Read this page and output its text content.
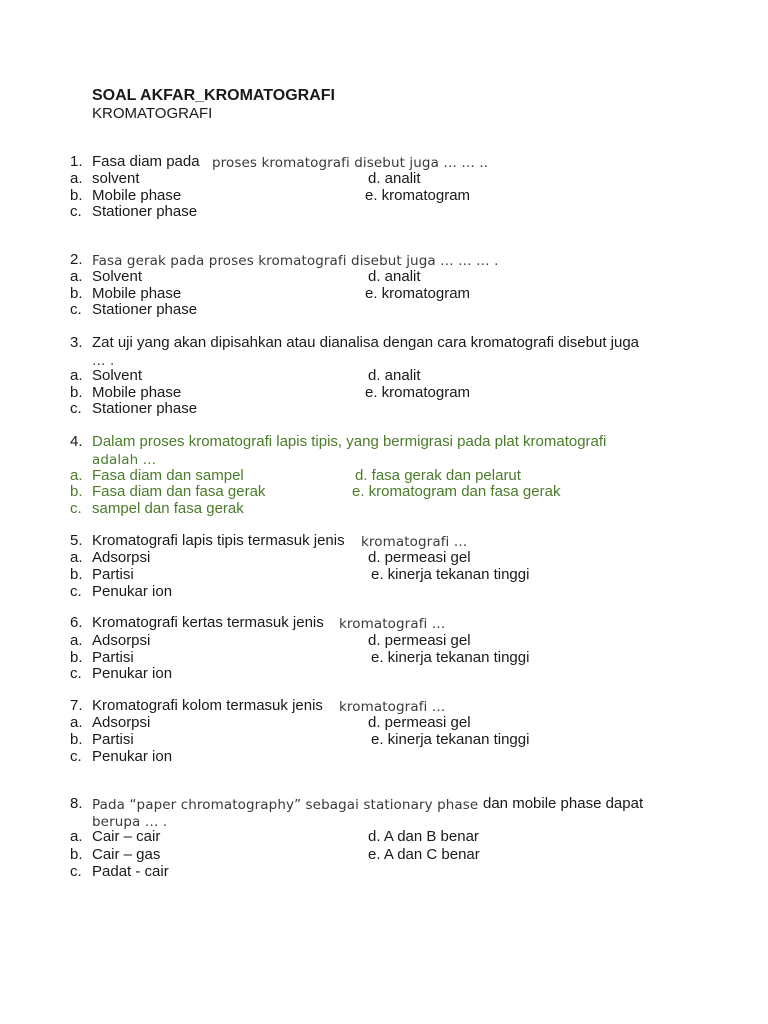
SOAL AKFAR_KROMATOGRAFI
KROMATOGRAFI
1. Fasa diam pada proses kromatografi disebut juga … … ..
a. solvent	d. analit
b. Mobile phase	e. kromatogram
c. Stationer phase
2. Fasa gerak pada proses kromatografi disebut juga … … … .
a. Solvent	d. analit
b. Mobile phase	e. kromatogram
c. Stationer phase
3. Zat uji yang akan dipisahkan atau dianalisa dengan cara kromatografi disebut juga
… .
a. Solvent	d. analit
b. Mobile phase	e. kromatogram
c. Stationer phase
4. Dalam proses kromatografi lapis tipis, yang bermigrasi pada plat kromatografi
adalah …
a. Fasa diam dan sampel	d. fasa gerak dan pelarut
b. Fasa diam dan fasa gerak	e. kromatogram dan fasa gerak
c. sampel dan fasa gerak
5. Kromatografi lapis tipis termasuk jenis kromatografi …
a. Adsorpsi	d. permeasi gel
b. Partisi	e. kinerja tekanan tinggi
c. Penukar ion
6. Kromatografi kertas termasuk jenis kromatografi …
a. Adsorpsi	d. permeasi gel
b. Partisi	e. kinerja tekanan tinggi
c. Penukar ion
7. Kromatografi kolom termasuk jenis kromatografi …
a. Adsorpsi	d. permeasi gel
b. Partisi	e. kinerja tekanan tinggi
c. Penukar ion
8. Pada “paper chromatography” sebagai stationary phase dan mobile phase dapat
berupa … .
a. Cair – cair	d. A dan B benar
b. Cair – gas	e. A dan C benar
c. Padat - cair
